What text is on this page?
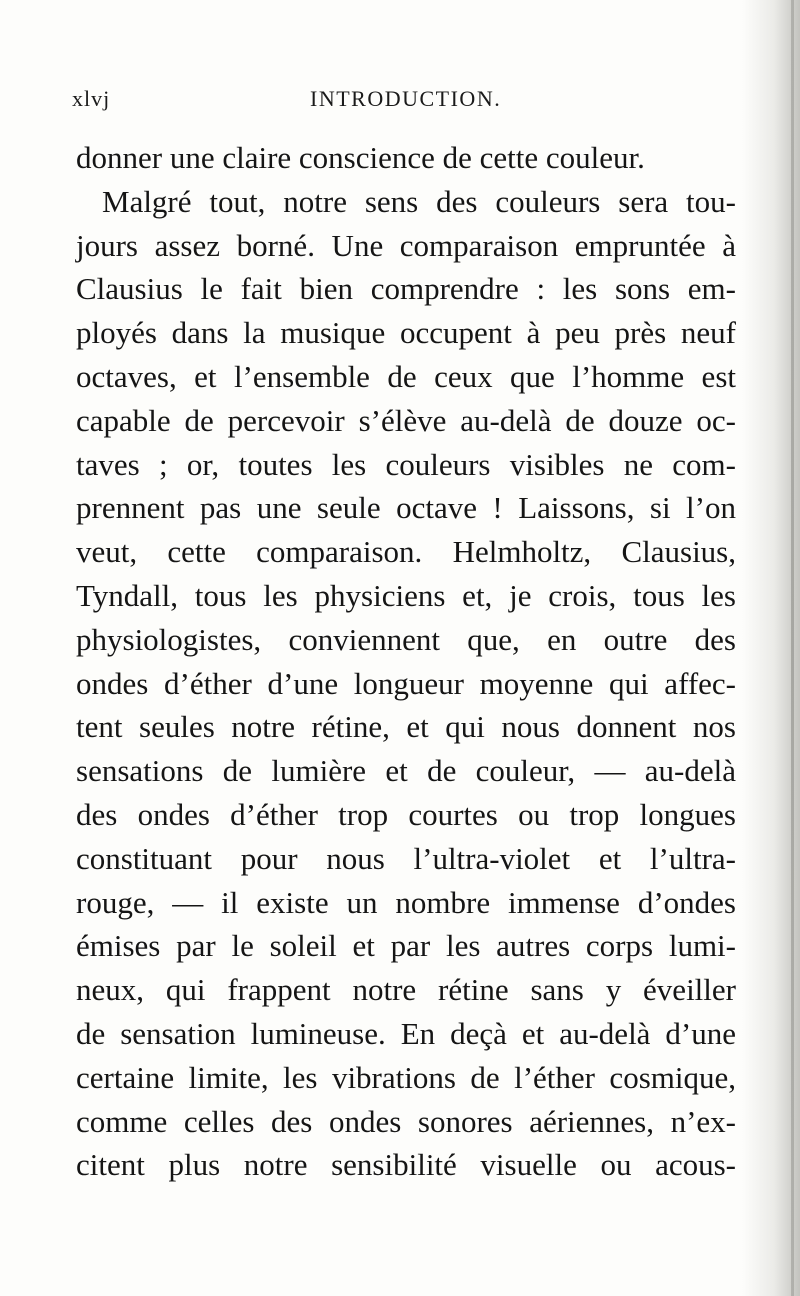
xlvj	INTRODUCTION.
donner une claire conscience de cette couleur.
Malgré tout, notre sens des couleurs sera tou-
jours assez borné. Une comparaison empruntée à
Clausius le fait bien comprendre : les sons em-
ployés dans la musique occupent à peu près neuf
octaves, et l’ensemble de ceux que l’homme est
capable de percevoir s’élève au-delà de douze oc-
taves ; or, toutes les couleurs visibles ne com-
prennent pas une seule octave ! Laissons, si l’on
veut, cette comparaison. Helmholtz, Clausius,
Tyndall, tous les physiciens et, je crois, tous les
physiologistes, conviennent que, en outre des
ondes d’éther d’une longueur moyenne qui affec-
tent seules notre rétine, et qui nous donnent nos
sensations de lumière et de couleur, — au-delà
des ondes d’éther trop courtes ou trop longues
constituant pour nous l’ultra-violet et l’ultra-
rouge, — il existe un nombre immense d’ondes
émises par le soleil et par les autres corps lumi-
neux, qui frappent notre rétine sans y éveiller
de sensation lumineuse. En deçà et au-delà d’une
certaine limite, les vibrations de l’éther cosmique,
comme celles des ondes sonores aériennes, n’ex-
citent plus notre sensibilité visuelle ou acous-
